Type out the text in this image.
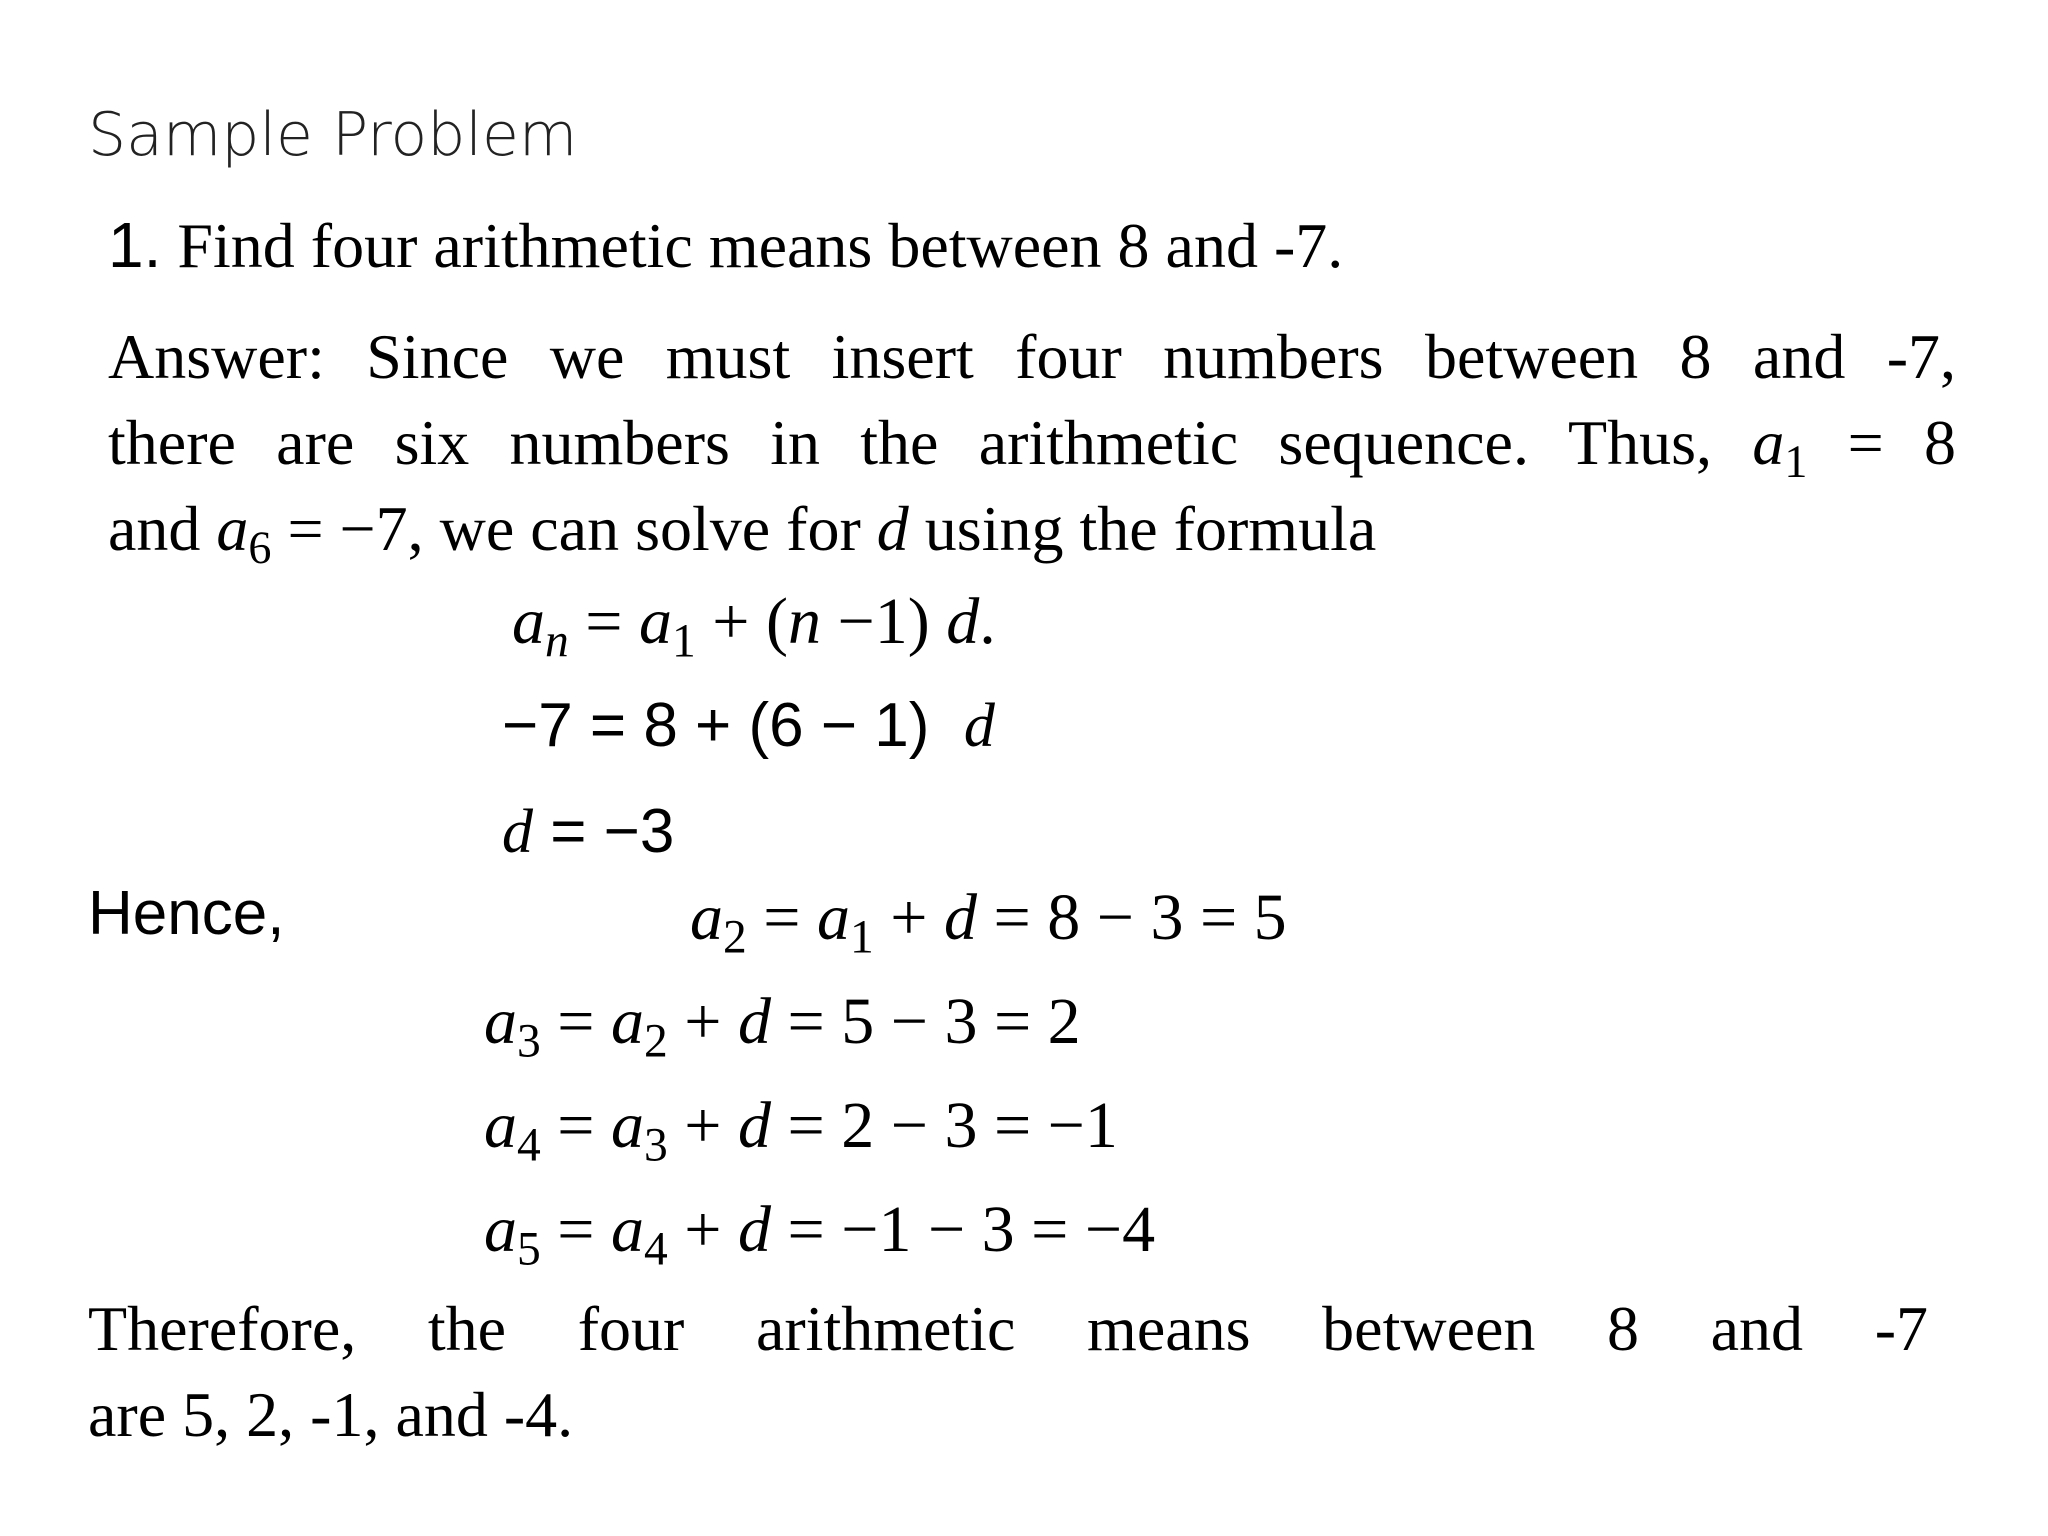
Sample Problem
1. Find four arithmetic means between 8 and -7.
Answer: Since we must insert four numbers between 8 and -7,
there are six numbers in the arithmetic sequence. Thus, $a_1 = 8$
and $a_6 = -7$, we can solve for d using the formula
$a_n = a_1 + (n -1)$ d.
−7 = 8 + (6 − 1) d
d = −3
Hence,	$a_2 = a_1 + d = 8 - 3 = 5$
$a_3 = a_2 + d = 5 - 3 = 2$
$a_4 = a_3 + d = 2 - 3 = -1$
$a_5 = a_4 + d = -1 - 3 = -4$
Therefore, the four arithmetic means between 8 and -7
are 5, 2, -1, and -4.
